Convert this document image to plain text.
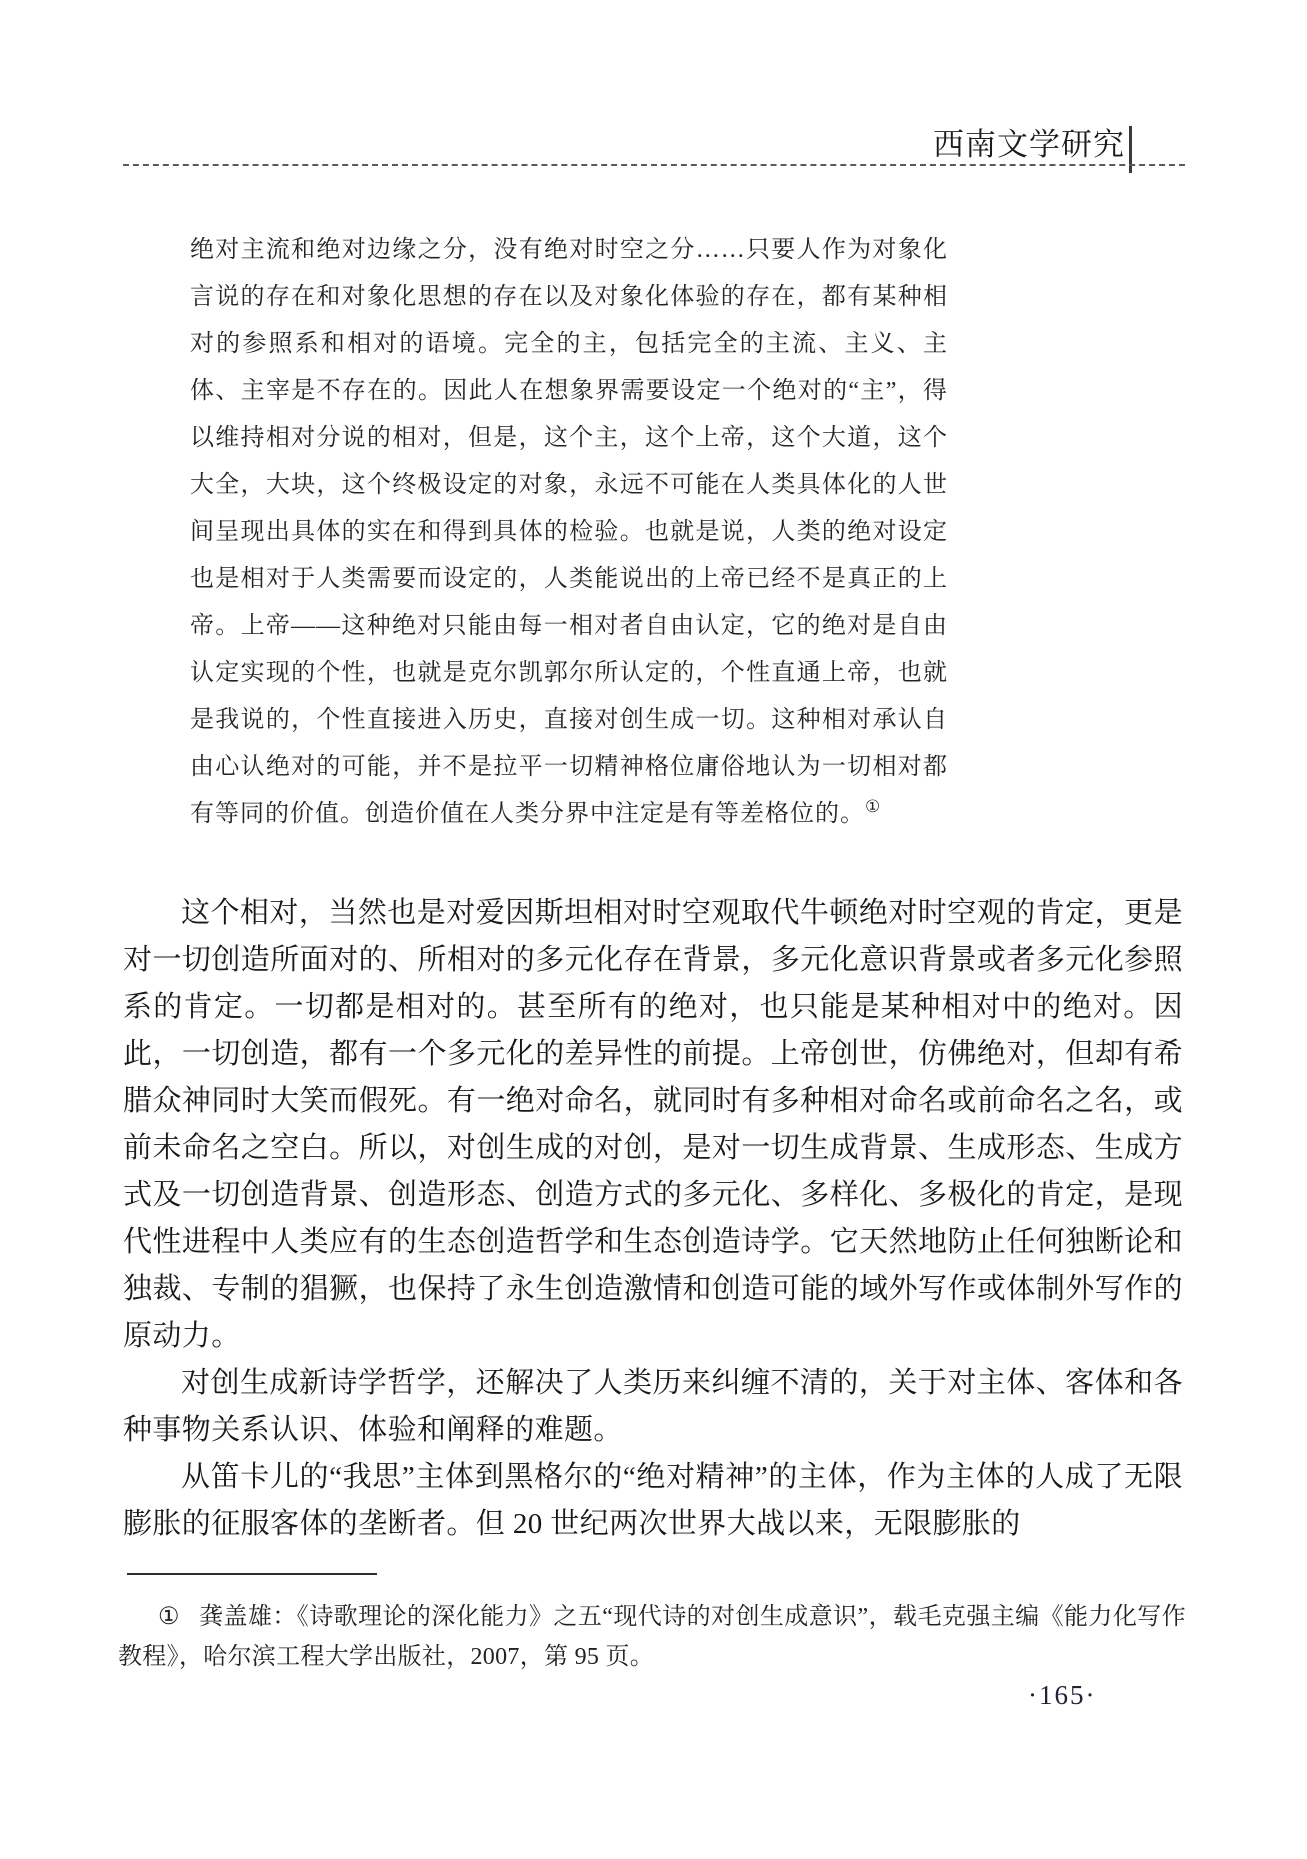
西南文学研究
绝对主流和绝对边缘之分，没有绝对时空之分……只要人作为对象化言说的存在和对象化思想的存在以及对象化体验的存在，都有某种相对的参照系和相对的语境。完全的主，包括完全的主流、主义、主体、主宰是不存在的。因此人在想象界需要设定一个绝对的“主”，得以维持相对分说的相对，但是，这个主，这个上帝，这个大道，这个大全，大块，这个终极设定的对象，永远不可能在人类具体化的人世间呈现出具体的实在和得到具体的检验。也就是说，人类的绝对设定也是相对于人类需要而设定的，人类能说出的上帝已经不是真正的上帝。上帝——这种绝对只能由每一相对者自由认定，它的绝对是自由认定实现的个性，也就是克尔凯郭尔所认定的，个性直通上帝，也就是我说的，个性直接进入历史，直接对创生成一切。这种相对承认自由心认绝对的可能，并不是拉平一切精神格位庸俗地认为一切相对都有等同的价值。创造价值在人类分界中注定是有等差格位的。①

这个相对，当然也是对爱因斯坦相对时空观取代牛顿绝对时空观的肯定，更是对一切创造所面对的、所相对的多元化存在背景，多元化意识背景或者多元化参照系的肯定。一切都是相对的。甚至所有的绝对，也只能是某种相对中的绝对。因此，一切创造，都有一个多元化的差异性的前提。上帝创世，仿佛绝对，但却有希腊众神同时大笑而假死。有一绝对命名，就同时有多种相对命名或前命名之名，或前未命名之空白。所以，对创生成的对创，是对一切生成背景、生成形态、生成方式及一切创造背景、创造形态、创造方式的多元化、多样化、多极化的肯定，是现代性进程中人类应有的生态创造哲学和生态创造诗学。它天然地防止任何独断论和独裁、专制的猖獗，也保持了永生创造激情和创造可能的域外写作或体制外写作的原动力。

对创生成新诗学哲学，还解决了人类历来纠缠不清的，关于对主体、客体和各种事物关系认识、体验和阐释的难题。

从笛卡儿的“我思”主体到黑格尔的“绝对精神”的主体，作为主体的人成了无限膨胀的征服客体的垄断者。但 20 世纪两次世界大战以来，无限膨胀的

① 龚盖雄：《诗歌理论的深化能力》之五“现代诗的对创生成意识”，载毛克强主编《能力化写作教程》，哈尔滨工程大学出版社，2007，第 95 页。

·165·
